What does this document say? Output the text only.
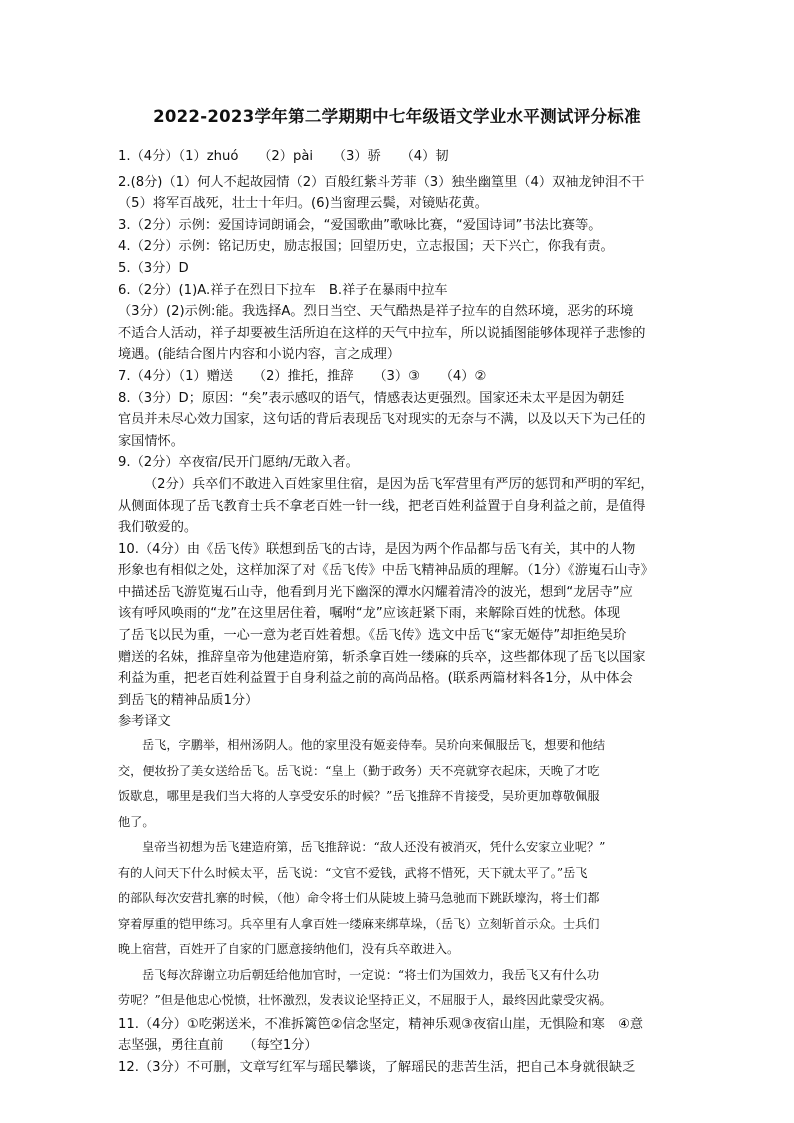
2022-2023学年第二学期期中七年级语文学业水平测试评分标准
1.（4分）（1）zhuó　　（2）pài　　（3）骄　　（4）韧
2.(8分)（1）何人不起故园情（2）百般红紫斗芳菲（3）独坐幽篁里（4）双袖龙钟泪不干
（5）将军百战死，壮士十年归。(6)当窗理云鬓，对镜贴花黄。
3.（2分）示例：爱国诗词朗诵会，“爱国歌曲”歌咏比赛，“爱国诗词”书法比赛等。
4.（2分）示例：铭记历史，励志报国；回望历史，立志报国；天下兴亡，你我有责。
5.（3分）D
6.（2分）(1)A.祥子在烈日下拉车　B.祥子在暴雨中拉车
（3分）(2)示例:能。我选择A。烈日当空、天气酷热是祥子拉车的自然环境，恶劣的环境
不适合人活动，祥子却要被生活所迫在这样的天气中拉车，所以说插图能够体现祥子悲惨的
境遇。(能结合图片内容和小说内容，言之成理）
7.（4分）（1）赠送　　（2）推托，推辞　　（3）③　　（4）②
8.（3分）D；原因：“矣”表示感叹的语气，情感表达更强烈。国家还未太平是因为朝廷
官员并未尽心效力国家，这句话的背后表现岳飞对现实的无奈与不满，以及以天下为己任的
家国情怀。
9.（2分）卒夜宿/民开门愿纳/无敢入者。
（2分）兵卒们不敢进入百姓家里住宿，是因为岳飞军营里有严厉的惩罚和严明的军纪，
从侧面体现了岳飞教育士兵不拿老百姓一针一线，把老百姓利益置于自身利益之前，是值得
我们敬爱的。
10.（4分）由《岳飞传》联想到岳飞的古诗，是因为两个作品都与岳飞有关，其中的人物
形象也有相似之处，这样加深了对《岳飞传》中岳飞精神品质的理解。（1分）《游嵬石山寺》
中描述岳飞游览嵬石山寺，他看到月光下幽深的潭水闪耀着清冷的波光，想到“龙居寺”应
该有呼风唤雨的“龙”在这里居住着，嘱咐“龙”应该赶紧下雨，来解除百姓的忧愁。体现
了岳飞以民为重，一心一意为老百姓着想。《岳飞传》选文中岳飞“家无姬侍”却拒绝吴玠
赠送的名妹，推辞皇帝为他建造府第，斩杀拿百姓一缕麻的兵卒，这些都体现了岳飞以国家
利益为重，把老百姓利益置于自身利益之前的高尚品格。(联系两篇材料各1分，从中体会
到岳飞的精神品质1分）
参考译文
岳飞，字鹏举，相州汤阴人。他的家里没有姬妾侍奉。吴玠向来佩服岳飞，想要和他结
交，便妆扮了美女送给岳飞。岳飞说：“皇上（勤于政务）天不亮就穿衣起床，天晚了才吃
饭歇息，哪里是我们当大将的人享受安乐的时候？”岳飞推辞不肯接受，吴玠更加尊敬佩服
他了。
皇帝当初想为岳飞建造府第，岳飞推辞说：“敌人还没有被消灭，凭什么安家立业呢？”
有的人问天下什么时候太平，岳飞说：“文官不爱钱，武将不惜死，天下就太平了。”岳飞
的部队每次安营扎寨的时候，（他）命令将士们从陡坡上骑马急驰而下跳跃壕沟，将士们都
穿着厚重的铠甲练习。兵卒里有人拿百姓一缕麻来绑草垛，（岳飞）立刻斩首示众。士兵们
晚上宿营，百姓开了自家的门愿意接纳他们，没有兵卒敢进入。
岳飞每次辞谢立功后朝廷给他加官时，一定说：“将士们为国效力，我岳飞又有什么功
劳呢？”但是他忠心悦愤，壮怀激烈，发表议论坚持正义，不屈服于人，最终因此蒙受灾祸。
11.（4分）①吃粥送米，不准拆篱笆②信念坚定，精神乐观③夜宿山崖，无惧险和寒　④意
志坚强，勇往直前　　（每空1分）
12.（3分）不可删，文章写红军与瑶民攀谈，了解瑶民的悲苦生活，把自己本身就很缺乏
